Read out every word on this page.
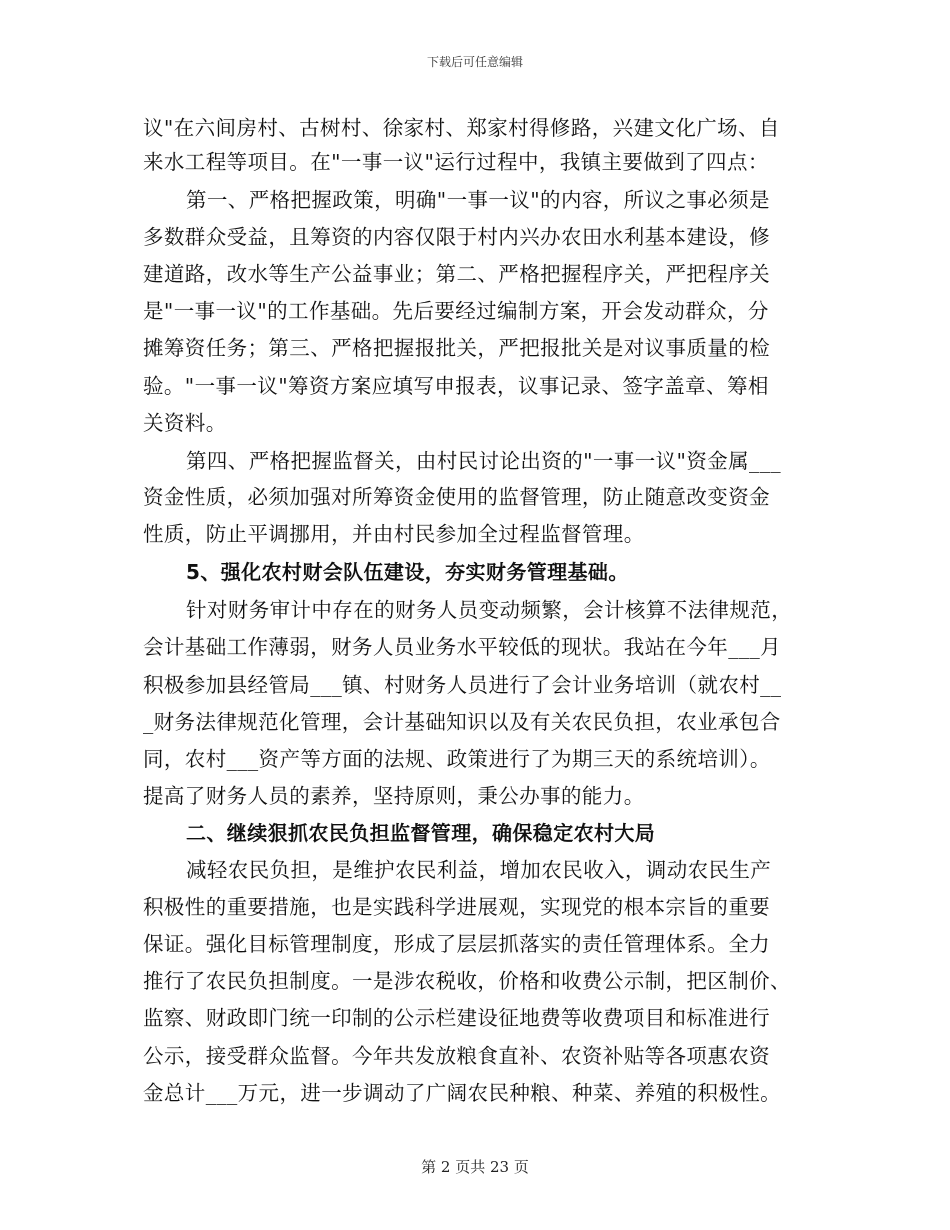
下载后可任意编辑
议"在六间房村、古树村、徐家村、郑家村得修路，兴建文化广场、自
来水工程等项目。在"一事一议"运行过程中，我镇主要做到了四点：
第一、严格把握政策，明确"一事一议"的内容，所议之事必须是
多数群众受益，且筹资的内容仅限于村内兴办农田水利基本建设，修
建道路，改水等生产公益事业；第二、严格把握程序关，严把程序关
是"一事一议"的工作基础。先后要经过编制方案，开会发动群众，分
摊筹资任务；第三、严格把握报批关，严把报批关是对议事质量的检
验。"一事一议"筹资方案应填写申报表，议事记录、签字盖章、筹相
关资料。
第四、严格把握监督关，由村民讨论出资的"一事一议"资金属___
资金性质，必须加强对所筹资金使用的监督管理，防止随意改变资金
性质，防止平调挪用，并由村民参加全过程监督管理。
5、强化农村财会队伍建设，夯实财务管理基础。
针对财务审计中存在的财务人员变动频繁，会计核算不法律规范，
会计基础工作薄弱，财务人员业务水平较低的现状。我站在今年___月
积极参加县经管局___镇、村财务人员进行了会计业务培训（就农村__
_财务法律规范化管理，会计基础知识以及有关农民负担，农业承包合
同，农村___资产等方面的法规、政策进行了为期三天的系统培训）。
提高了财务人员的素养，坚持原则，秉公办事的能力。
二、继续狠抓农民负担监督管理，确保稳定农村大局
减轻农民负担，是维护农民利益，增加农民收入，调动农民生产
积极性的重要措施，也是实践科学进展观，实现党的根本宗旨的重要
保证。强化目标管理制度，形成了层层抓落实的责任管理体系。全力
推行了农民负担制度。一是涉农税收，价格和收费公示制，把区制价、
监察、财政即门统一印制的公示栏建设征地费等收费项目和标准进行
公示，接受群众监督。今年共发放粮食直补、农资补贴等各项惠农资
金总计___万元，进一步调动了广阔农民种粮、种菜、养殖的积极性。
第 2 页共 23 页
